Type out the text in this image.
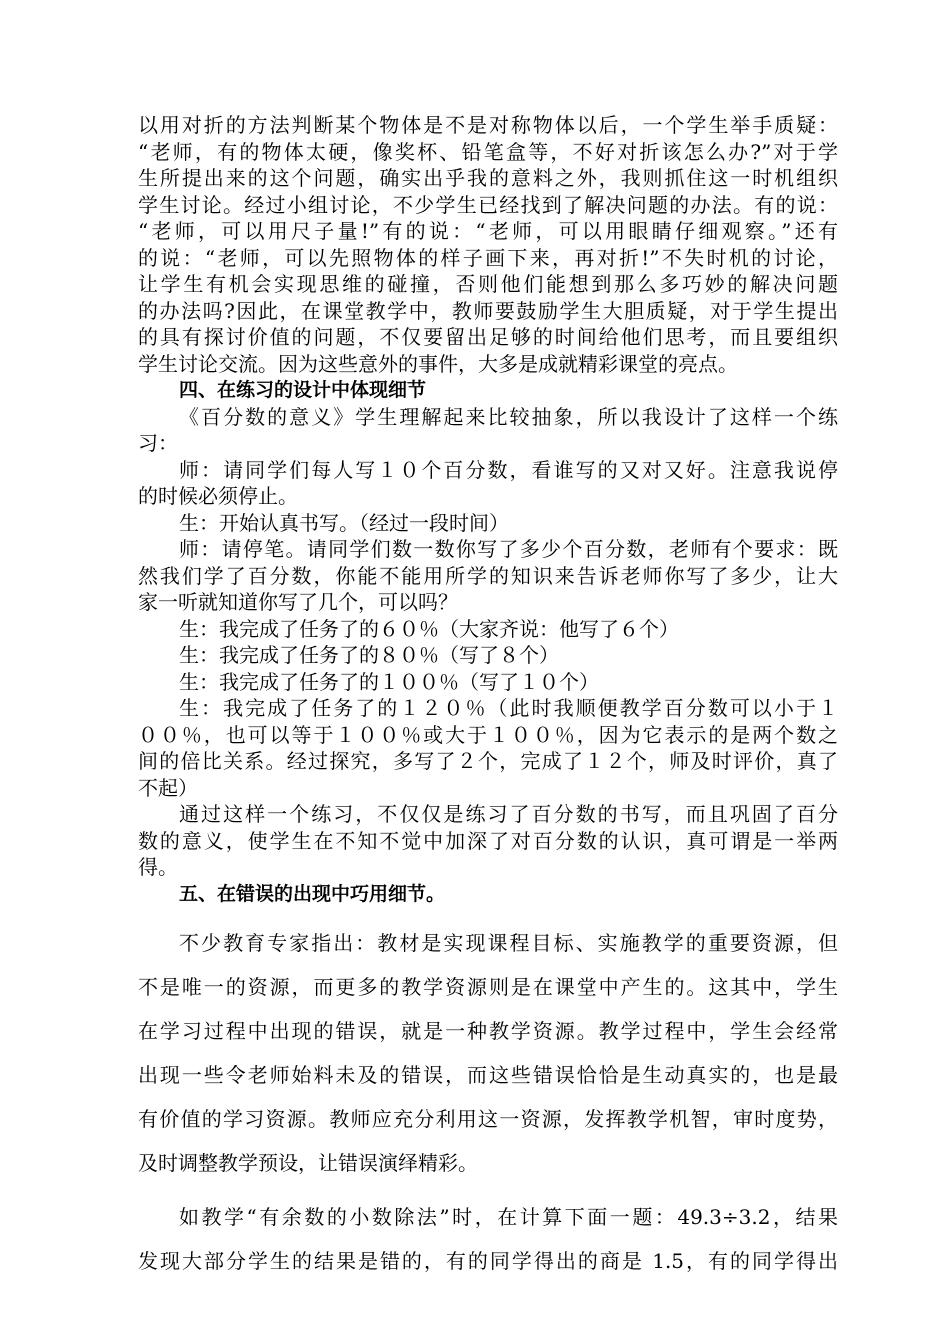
以用对折的方法判断某个物体是不是对称物体以后，一个学生举手质疑：
“老师，有的物体太硬，像奖杯、铅笔盒等，不好对折该怎么办?”对于学
生所提出来的这个问题，确实出乎我的意料之外，我则抓住这一时机组织
学生讨论。经过小组讨论，不少学生已经找到了解决问题的办法。有的说：
“老师，可以用尺子量!”有的说：“老师，可以用眼睛仔细观察。”还有
的说：“老师，可以先照物体的样子画下来，再对折!”不失时机的讨论，
让学生有机会实现思维的碰撞，否则他们能想到那么多巧妙的解决问题
的办法吗?因此，在课堂教学中，教师要鼓励学生大胆质疑，对于学生提出
的具有探讨价值的问题，不仅要留出足够的时间给他们思考，而且要组织
学生讨论交流。因为这些意外的事件，大多是成就精彩课堂的亮点。
四、在练习的设计中体现细节
《百分数的意义》学生理解起来比较抽象，所以我设计了这样一个练
习：
师：请同学们每人写１０个百分数，看谁写的又对又好。注意我说停
的时候必须停止。
生：开始认真书写。（经过一段时间）
师：请停笔。请同学们数一数你写了多少个百分数，老师有个要求：既
然我们学了百分数，你能不能用所学的知识来告诉老师你写了多少，让大
家一听就知道你写了几个，可以吗？
生：我完成了任务了的６０％（大家齐说：他写了６个）
生：我完成了任务了的８０％（写了８个）
生：我完成了任务了的１００％（写了１０个）
生：我完成了任务了的１２０％（此时我顺便教学百分数可以小于１
００％，也可以等于１００％或大于１００％，因为它表示的是两个数之
间的倍比关系。经过探究，多写了２个，完成了１２个，师及时评价，真了
不起）
通过这样一个练习，不仅仅是练习了百分数的书写，而且巩固了百分
数的意义，使学生在不知不觉中加深了对百分数的认识，真可谓是一举两
得。
五、在错误的出现中巧用细节。
不少教育专家指出：教材是实现课程目标、实施教学的重要资源，但
不是唯一的资源，而更多的教学资源则是在课堂中产生的。这其中，学生
在学习过程中出现的错误，就是一种教学资源。教学过程中，学生会经常
出现一些令老师始料未及的错误，而这些错误恰恰是生动真实的，也是最
有价值的学习资源。教师应充分利用这一资源，发挥教学机智，审时度势，
及时调整教学预设，让错误演绎精彩。
如教学“有余数的小数除法”时，在计算下面一题：49.3÷3.2，结果
发现大部分学生的结果是错的，有的同学得出的商是 1.5，有的同学得出
